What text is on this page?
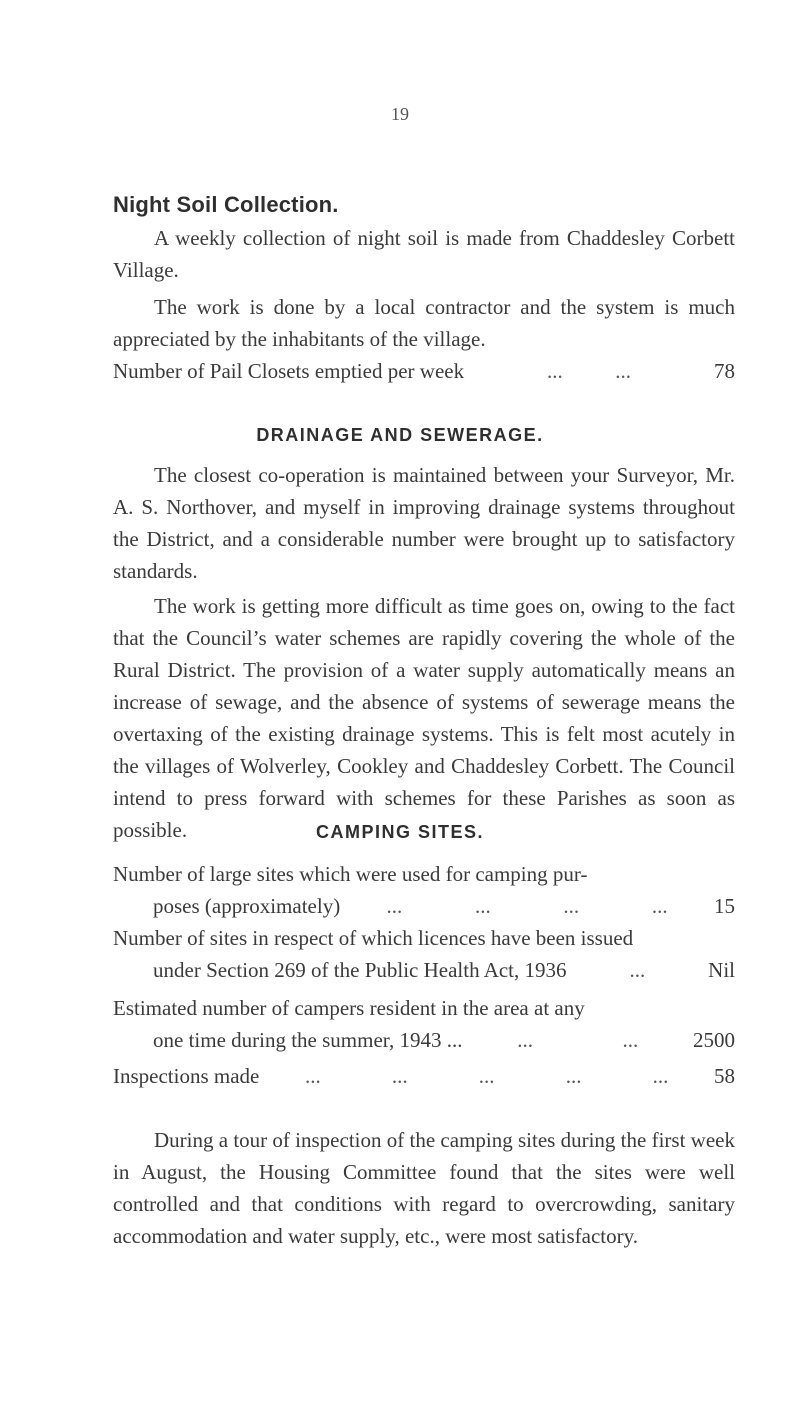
19
Night Soil Collection.
A weekly collection of night soil is made from Chaddesley Corbett Village.
The work is done by a local contractor and the system is much appreciated by the inhabitants of the village.
Number of Pail Closets emptied per week	...          ...	78
DRAINAGE AND SEWERAGE.
The closest co-operation is maintained between your Surveyor, Mr. A. S. Northover, and myself in improving drainage systems throughout the District, and a considerable number were brought up to satisfactory standards.
The work is getting more difficult as time goes on, owing to the fact that the Council’s water schemes are rapidly covering the whole of the Rural District. The provision of a water supply automatically means an increase of sewage, and the absence of systems of sewerage means the overtaxing of the existing drainage systems. This is felt most acutely in the villages of Wolverley, Cookley and Chaddesley Corbett. The Council intend to press forward with schemes for these Parishes as soon as possible.	CAMPING SITES.
Number of large sites which were used for camping pur-
poses (approximately) ...	...	...	... 15
Number of sites in respect of which licences have been issued
under Section 269 of the Public Health Act, 1936	...	Nil
Estimated number of campers resident in the area at any
one time during the summer, 1943 ...	...	...	2500
Inspections made ...	...	...	...	... 58
During a tour of inspection of the camping sites during the first week in August, the Housing Committee found that the sites were well controlled and that conditions with regard to overcrowding, sanitary accommodation and water supply, etc., were most satisfactory.
